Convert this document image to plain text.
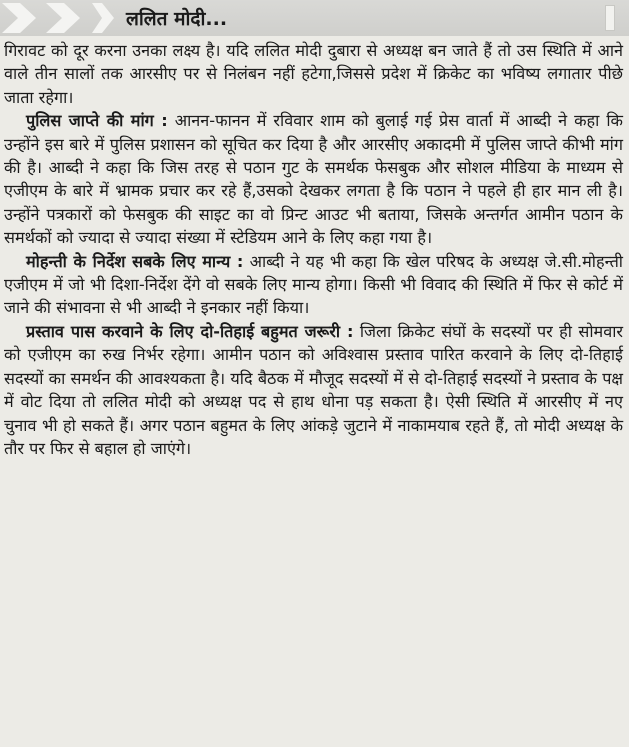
ललित मोदी...

गिरावट को दूर करना उनका लक्ष्य है। यदि ललित मोदी दुबारा से अध्यक्ष बन जाते हैं तो उस स्थिति में आने वाले तीन सालों तक आरसीए पर से निलंबन नहीं हटेगा,जिससे प्रदेश में क्रिकेट का भविष्य लगातार पीछे जाता रहेगा।

पुलिस जाप्ते की मांग : आनन-फानन में रविवार शाम को बुलाई गई प्रेस वार्ता में आब्दी ने कहा कि उन्होंने इस बारे में पुलिस प्रशासन को सूचित कर दिया है और आरसीए अकादमी में पुलिस जाप्ते कीभी मांग की है। आब्दी ने कहा कि जिस तरह से पठान गुट के समर्थक फेसबुक और सोशल मीडिया के माध्यम से एजीएम के बारे में भ्रामक प्रचार कर रहे हैं,उसको देखकर लगता है कि पठान ने पहले ही हार मान ली है। उन्होंने पत्रकारों को फेसबुक की साइट का वो प्रिन्ट आउट भी बताया, जिसके अन्तर्गत आमीन पठान के समर्थकों को ज्यादा से ज्यादा संख्या में स्टेडियम आने के लिए कहा गया है।

मोहन्ती के निर्देश सबके लिए मान्य : आब्दी ने यह भी कहा कि खेल परिषद के अध्यक्ष जे.सी.मोहन्ती एजीएम में जो भी दिशा-निर्देश देंगे वो सबके लिए मान्य होगा। किसी भी विवाद की स्थिति में फिर से कोर्ट में जाने की संभावना से भी आब्दी ने इनकार नहीं किया।

प्रस्ताव पास करवाने के लिए दो-तिहाई बहुमत जरूरी : जिला क्रिकेट संघों के सदस्यों पर ही सोमवार को एजीएम का रुख निर्भर रहेगा। आमीन पठान को अविश्वास प्रस्ताव पारित करवाने के लिए दो-तिहाई सदस्यों का समर्थन की आवश्यकता है। यदि बैठक में मौजूद सदस्यों में से दो-तिहाई सदस्यों ने प्रस्ताव के पक्ष में वोट दिया तो ललित मोदी को अध्यक्ष पद से हाथ धोना पड़ सकता है। ऐसी स्थिति में आरसीए में नए चुनाव भी हो सकते हैं। अगर पठान बहुमत के लिए आंकड़े जुटाने में नाकामयाब रहते हैं, तो मोदी अध्यक्ष के तौर पर फिर से बहाल हो जाएंगे।
